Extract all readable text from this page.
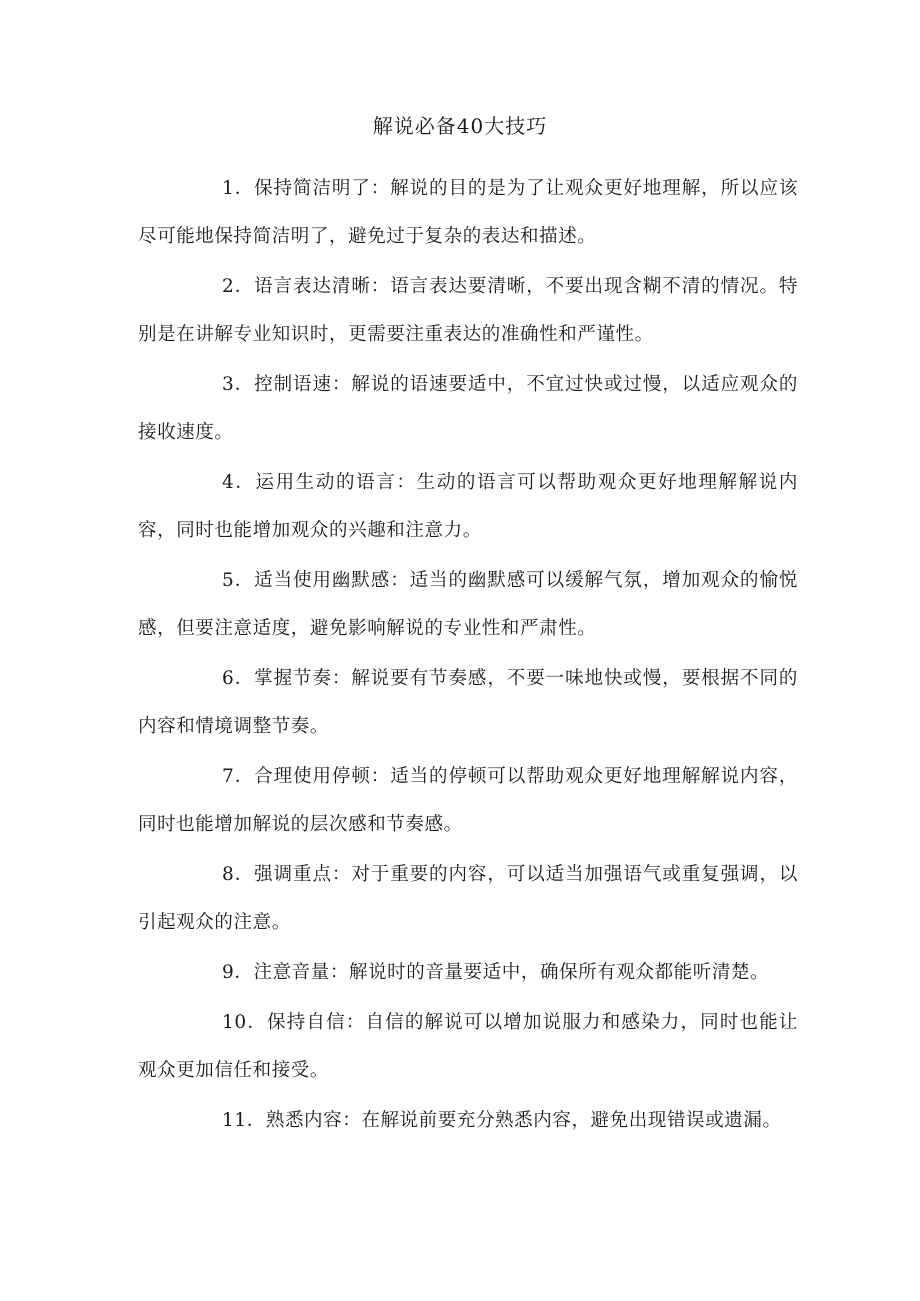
解说必备40大技巧

1．保持简洁明了：解说的目的是为了让观众更好地理解，所以应该尽可能地保持简洁明了，避免过于复杂的表达和描述。

2．语言表达清晰：语言表达要清晰，不要出现含糊不清的情况。特别是在讲解专业知识时，更需要注重表达的准确性和严谨性。

3．控制语速：解说的语速要适中，不宜过快或过慢，以适应观众的接收速度。

4．运用生动的语言：生动的语言可以帮助观众更好地理解解说内容，同时也能增加观众的兴趣和注意力。

5．适当使用幽默感：适当的幽默感可以缓解气氛，增加观众的愉悦感，但要注意适度，避免影响解说的专业性和严肃性。

6．掌握节奏：解说要有节奏感，不要一味地快或慢，要根据不同的内容和情境调整节奏。

7．合理使用停顿：适当的停顿可以帮助观众更好地理解解说内容，同时也能增加解说的层次感和节奏感。

8．强调重点：对于重要的内容，可以适当加强语气或重复强调，以引起观众的注意。

9．注意音量：解说时的音量要适中，确保所有观众都能听清楚。

10．保持自信：自信的解说可以增加说服力和感染力，同时也能让观众更加信任和接受。

11．熟悉内容：在解说前要充分熟悉内容，避免出现错误或遗漏。
